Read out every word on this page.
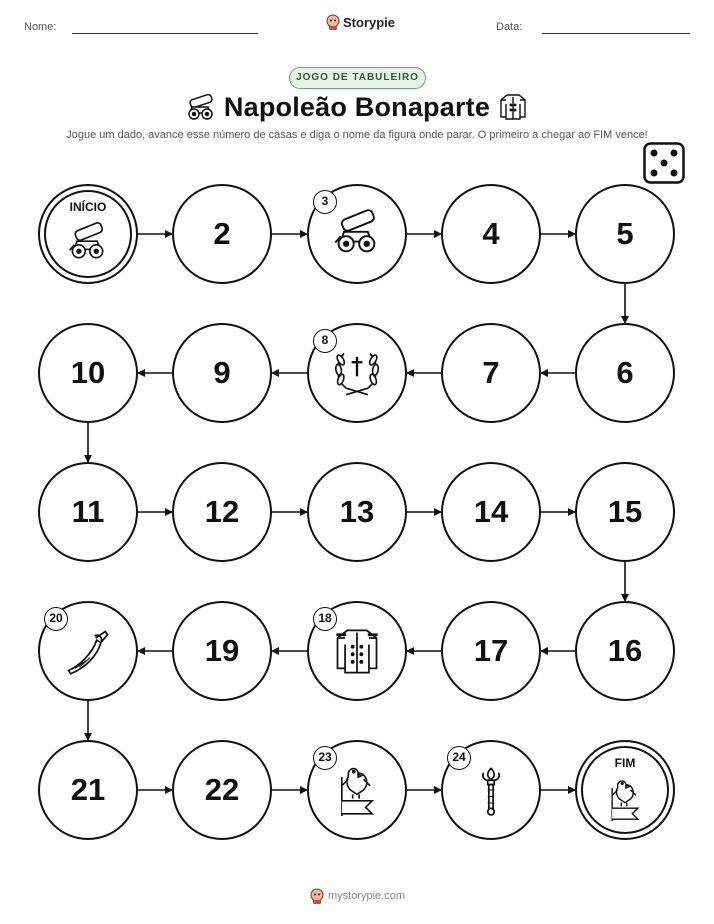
Nome:	Storypie	Data:
JOGO DE TABULEIRO
Napoleão Bonaparte
Jogue um dado, avance esse número de casas e diga o nome da figura onde parar. O primeiro a chegar ao FIM vence!
INÍCIO
2
3
4	5
6
7
8
9
10
11	12	13	14	15
16
17
18
19
20
21	22
23	24	FIM
mystorypie.com
